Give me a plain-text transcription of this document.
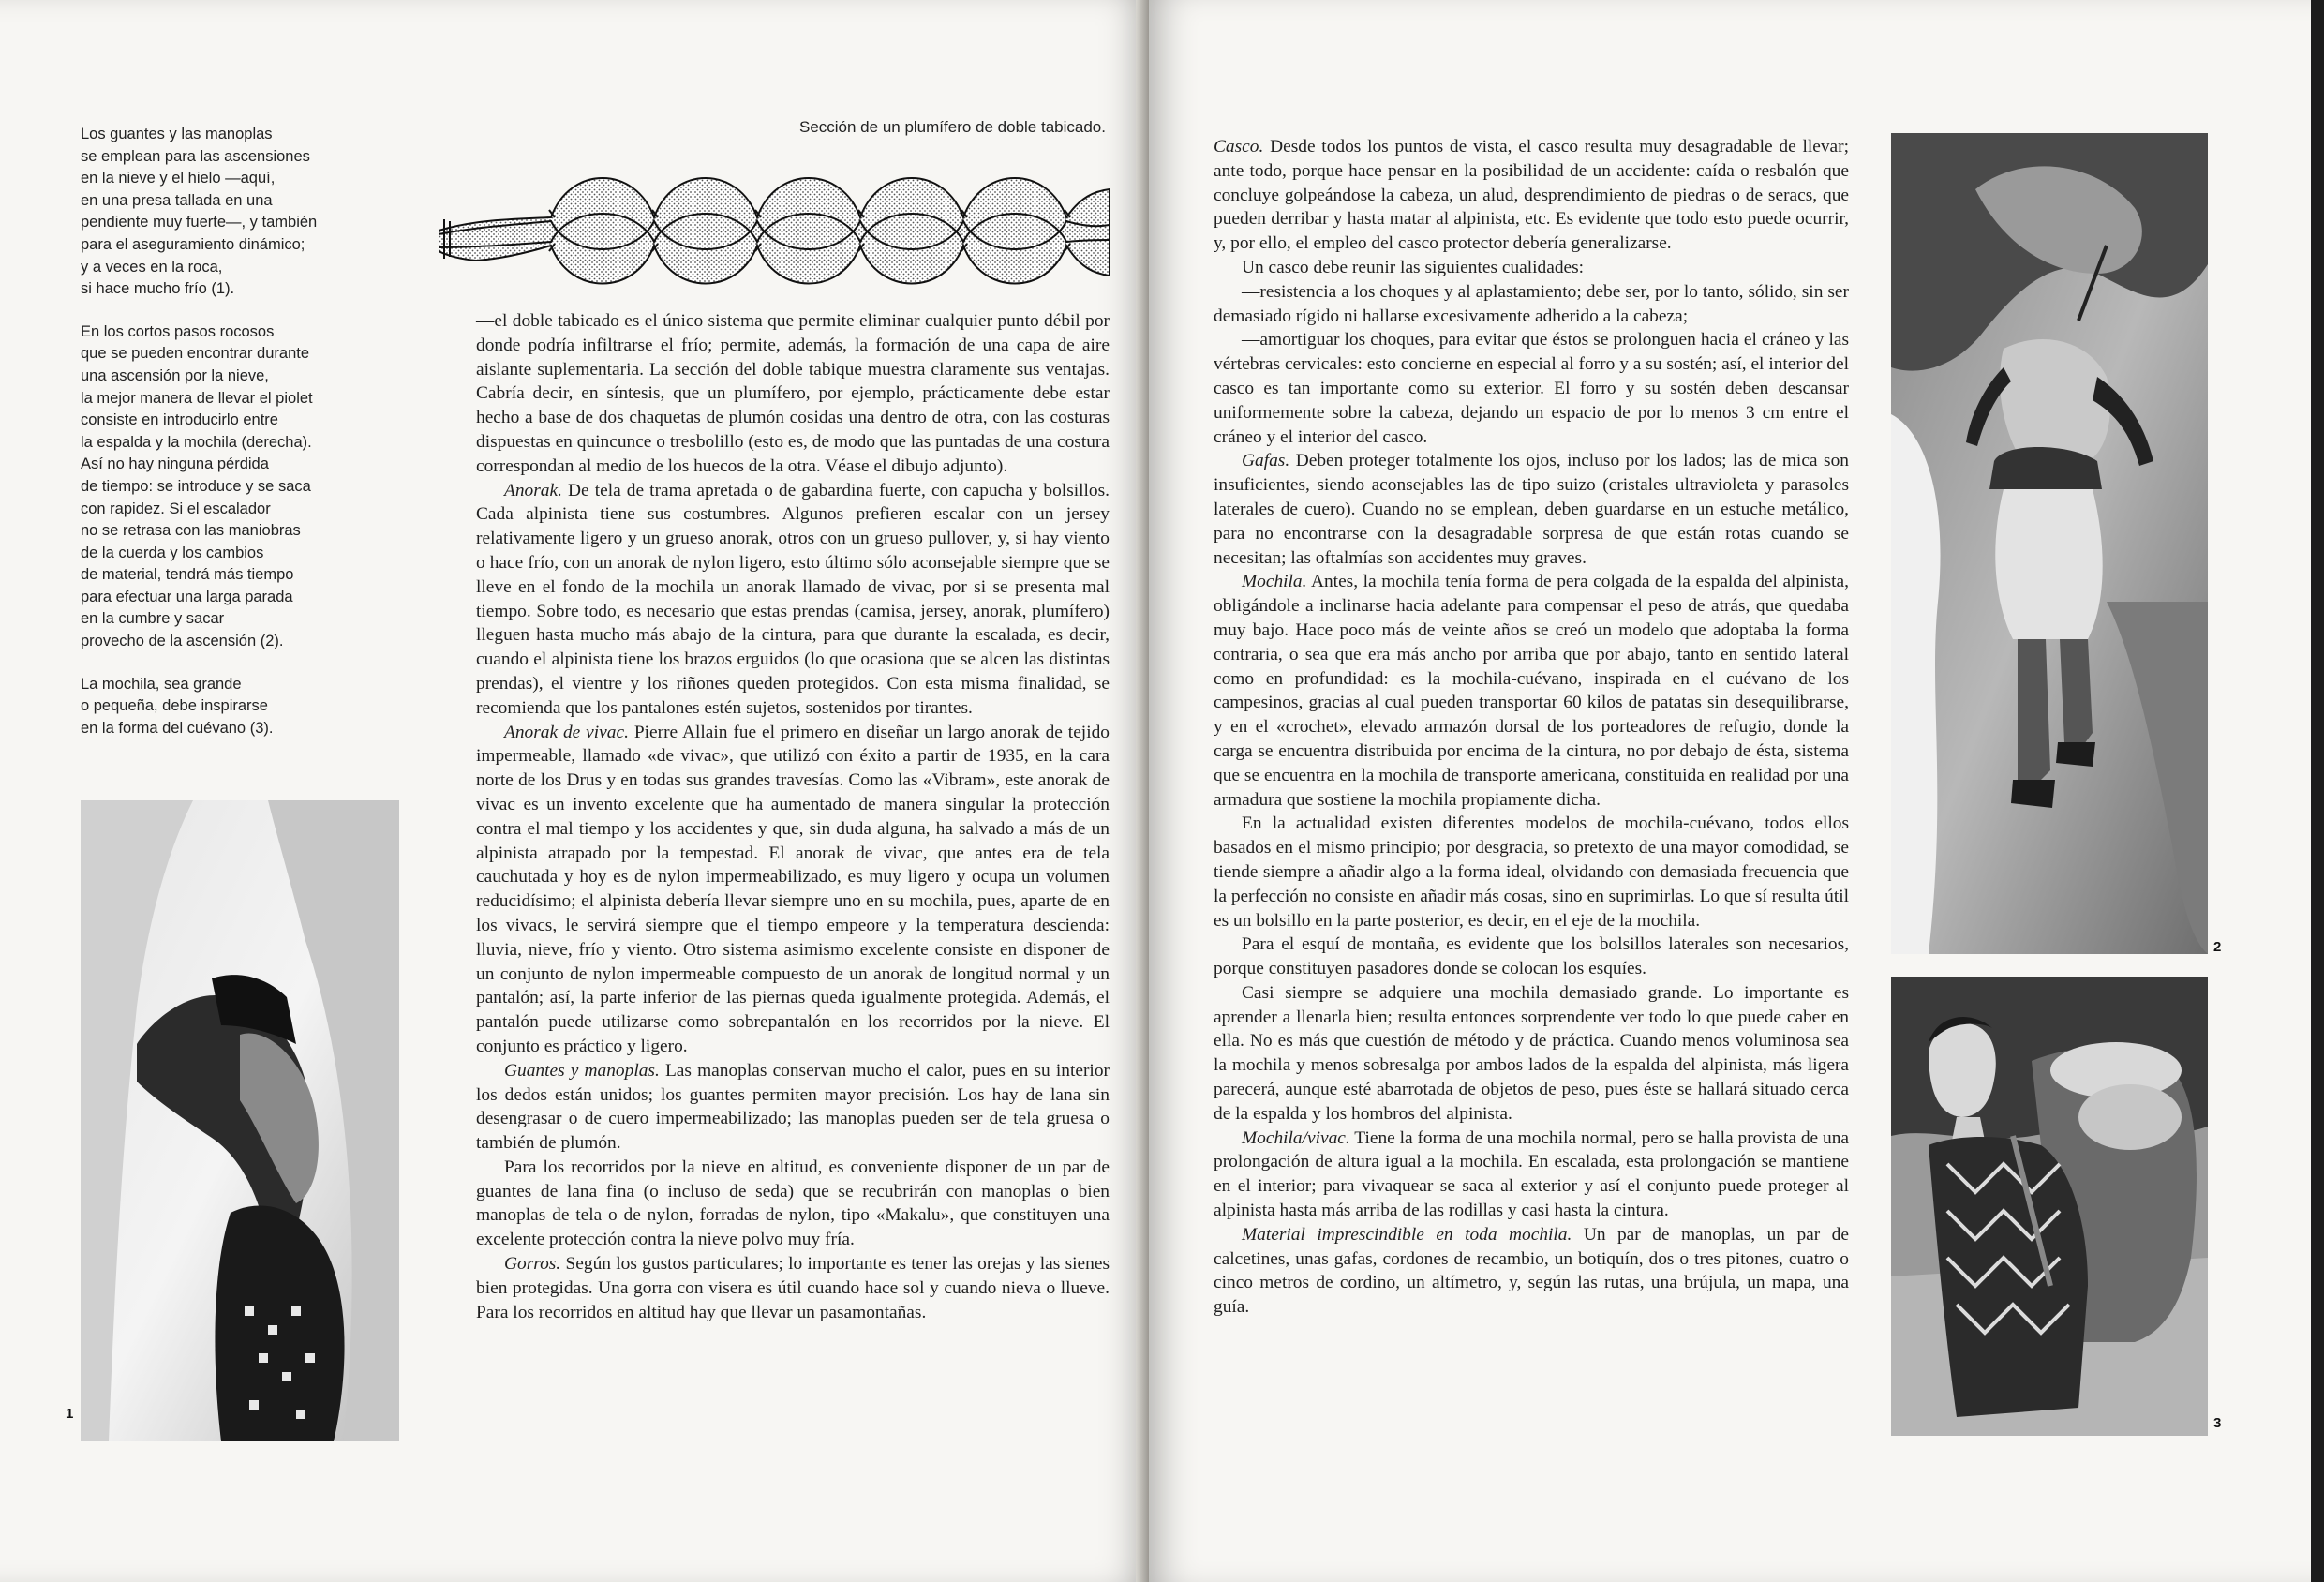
Los guantes y las manoplas
se emplean para las ascensiones
en la nieve y el hielo —aquí,
en una presa tallada en una
pendiente muy fuerte—, y también
para el aseguramiento dinámico;
y a veces en la roca,
si hace mucho frío (1).

En los cortos pasos rocosos
que se pueden encontrar durante
una ascensión por la nieve,
la mejor manera de llevar el piolet
consiste en introducirlo entre
la espalda y la mochila (derecha).
Así no hay ninguna pérdida
de tiempo: se introduce y se saca
con rapidez. Si el escalador
no se retrasa con las maniobras
de la cuerda y los cambios
de material, tendrá más tiempo
para efectuar una larga parada
en la cumbre y sacar
provecho de la ascensión (2).

La mochila, sea grande
o pequeña, debe inspirarse
en la forma del cuévano (3).

Sección de un plumífero de doble tabicado.

—el doble tabicado es el único sistema que permite eliminar cualquier punto débil por donde podría infiltrarse el frío; permite, además, la formación de una capa de aire aislante suplementaria. La sección del doble tabique muestra claramente sus ventajas. Cabría decir, en síntesis, que un plumífero, por ejemplo, prácticamente debe estar hecho a base de dos chaquetas de plumón cosidas una dentro de otra, con las costuras dispuestas en quincunce o tresbolillo (esto es, de modo que las puntadas de una costura correspondan al medio de los huecos de la otra. Véase el dibujo adjunto).

Anorak. De tela de trama apretada o de gabardina fuerte, con capucha y bolsillos. Cada alpinista tiene sus costumbres. Algunos prefieren escalar con un jersey relativamente ligero y un grueso anorak, otros con un grueso pullover, y, si hay viento o hace frío, con un anorak de nylon ligero, esto último sólo aconsejable siempre que se lleve en el fondo de la mochila un anorak llamado de vivac, por si se presenta mal tiempo. Sobre todo, es necesario que estas prendas (camisa, jersey, anorak, plumífero) lleguen hasta mucho más abajo de la cintura, para que durante la escalada, es decir, cuando el alpinista tiene los brazos erguidos (lo que ocasiona que se alcen las distintas prendas), el vientre y los riñones queden protegidos. Con esta misma finalidad, se recomienda que los pantalones estén sujetos, sostenidos por tirantes.

Anorak de vivac. Pierre Allain fue el primero en diseñar un largo anorak de tejido impermeable, llamado «de vivac», que utilizó con éxito a partir de 1935, en la cara norte de los Drus y en todas sus grandes travesías. Como las «Vibram», este anorak de vivac es un invento excelente que ha aumentado de manera singular la protección contra el mal tiempo y los accidentes y que, sin duda alguna, ha salvado a más de un alpinista atrapado por la tempestad. El anorak de vivac, que antes era de tela cauchutada y hoy es de nylon impermeabilizado, es muy ligero y ocupa un volumen reducidísimo; el alpinista debería llevar siempre uno en su mochila, pues, aparte de en los vivacs, le servirá siempre que el tiempo empeore y la temperatura descienda: lluvia, nieve, frío y viento. Otro sistema asimismo excelente consiste en disponer de un conjunto de nylon impermeable compuesto de un anorak de longitud normal y un pantalón; así, la parte inferior de las piernas queda igualmente protegida. Además, el pantalón puede utilizarse como sobrepantalón en los recorridos por la nieve. El conjunto es práctico y ligero.

Guantes y manoplas. Las manoplas conservan mucho el calor, pues en su interior los dedos están unidos; los guantes permiten mayor precisión. Los hay de lana sin desengrasar o de cuero impermeabilizado; las manoplas pueden ser de tela gruesa o también de plumón.

Para los recorridos por la nieve en altitud, es conveniente disponer de un par de guantes de lana fina (o incluso de seda) que se recubrirán con manoplas o bien manoplas de tela o de nylon, forradas de nylon, tipo «Makalu», que constituyen una excelente protección contra la nieve polvo muy fría.

Gorros. Según los gustos particulares; lo importante es tener las orejas y las sienes bien protegidas. Una gorra con visera es útil cuando hace sol y cuando nieva o llueve. Para los recorridos en altitud hay que llevar un pasamontañas.

1

Casco. Desde todos los puntos de vista, el casco resulta muy desagradable de llevar; ante todo, porque hace pensar en la posibilidad de un accidente: caída o resbalón que concluye golpeándose la cabeza, un alud, desprendimiento de piedras o de seracs, que pueden derribar y hasta matar al alpinista, etc. Es evidente que todo esto puede ocurrir, y, por ello, el empleo del casco protector debería generalizarse.

Un casco debe reunir las siguientes cualidades:

—resistencia a los choques y al aplastamiento; debe ser, por lo tanto, sólido, sin ser demasiado rígido ni hallarse excesivamente adherido a la cabeza;

—amortiguar los choques, para evitar que éstos se prolonguen hacia el cráneo y las vértebras cervicales: esto concierne en especial al forro y a su sostén; así, el interior del casco es tan importante como su exterior. El forro y su sostén deben descansar uniformemente sobre la cabeza, dejando un espacio de por lo menos 3 cm entre el cráneo y el interior del casco.

Gafas. Deben proteger totalmente los ojos, incluso por los lados; las de mica son insuficientes, siendo aconsejables las de tipo suizo (cristales ultravioleta y parasoles laterales de cuero). Cuando no se emplean, deben guardarse en un estuche metálico, para no encontrarse con la desagradable sorpresa de que están rotas cuando se necesitan; las oftalmías son accidentes muy graves.

Mochila. Antes, la mochila tenía forma de pera colgada de la espalda del alpinista, obligándole a inclinarse hacia adelante para compensar el peso de atrás, que quedaba muy bajo. Hace poco más de veinte años se creó un modelo que adoptaba la forma contraria, o sea que era más ancho por arriba que por abajo, tanto en sentido lateral como en profundidad: es la mochila-cuévano, inspirada en el cuévano de los campesinos, gracias al cual pueden transportar 60 kilos de patatas sin desequilibrarse, y en el «crochet», elevado armazón dorsal de los porteadores de refugio, donde la carga se encuentra distribuida por encima de la cintura, no por debajo de ésta, sistema que se encuentra en la mochila de transporte americana, constituida en realidad por una armadura que sostiene la mochila propiamente dicha.

En la actualidad existen diferentes modelos de mochila-cuévano, todos ellos basados en el mismo principio; por desgracia, so pretexto de una mayor comodidad, se tiende siempre a añadir algo a la forma ideal, olvidando con demasiada frecuencia que la perfección no consiste en añadir más cosas, sino en suprimirlas. Lo que sí resulta útil es un bolsillo en la parte posterior, es decir, en el eje de la mochila.

Para el esquí de montaña, es evidente que los bolsillos laterales son necesarios, porque constituyen pasadores donde se colocan los esquíes.

Casi siempre se adquiere una mochila demasiado grande. Lo importante es aprender a llenarla bien; resulta entonces sorprendente ver todo lo que puede caber en ella. No es más que cuestión de método y de práctica. Cuando menos voluminosa sea la mochila y menos sobresalga por ambos lados de la espalda del alpinista, más ligera parecerá, aunque esté abarrotada de objetos de peso, pues éste se hallará situado cerca de la espalda y los hombros del alpinista.

Mochila/vivac. Tiene la forma de una mochila normal, pero se halla provista de una prolongación de altura igual a la mochila. En escalada, esta prolongación se mantiene en el interior; para vivaquear se saca al exterior y así el conjunto puede proteger al alpinista hasta más arriba de las rodillas y casi hasta la cintura.

Material imprescindible en toda mochila. Un par de manoplas, un par de calcetines, unas gafas, cordones de recambio, un botiquín, dos o tres pitones, cuatro o cinco metros de cordino, un altímetro, y, según las rutas, una brújula, un mapa, una guía.

2
3
